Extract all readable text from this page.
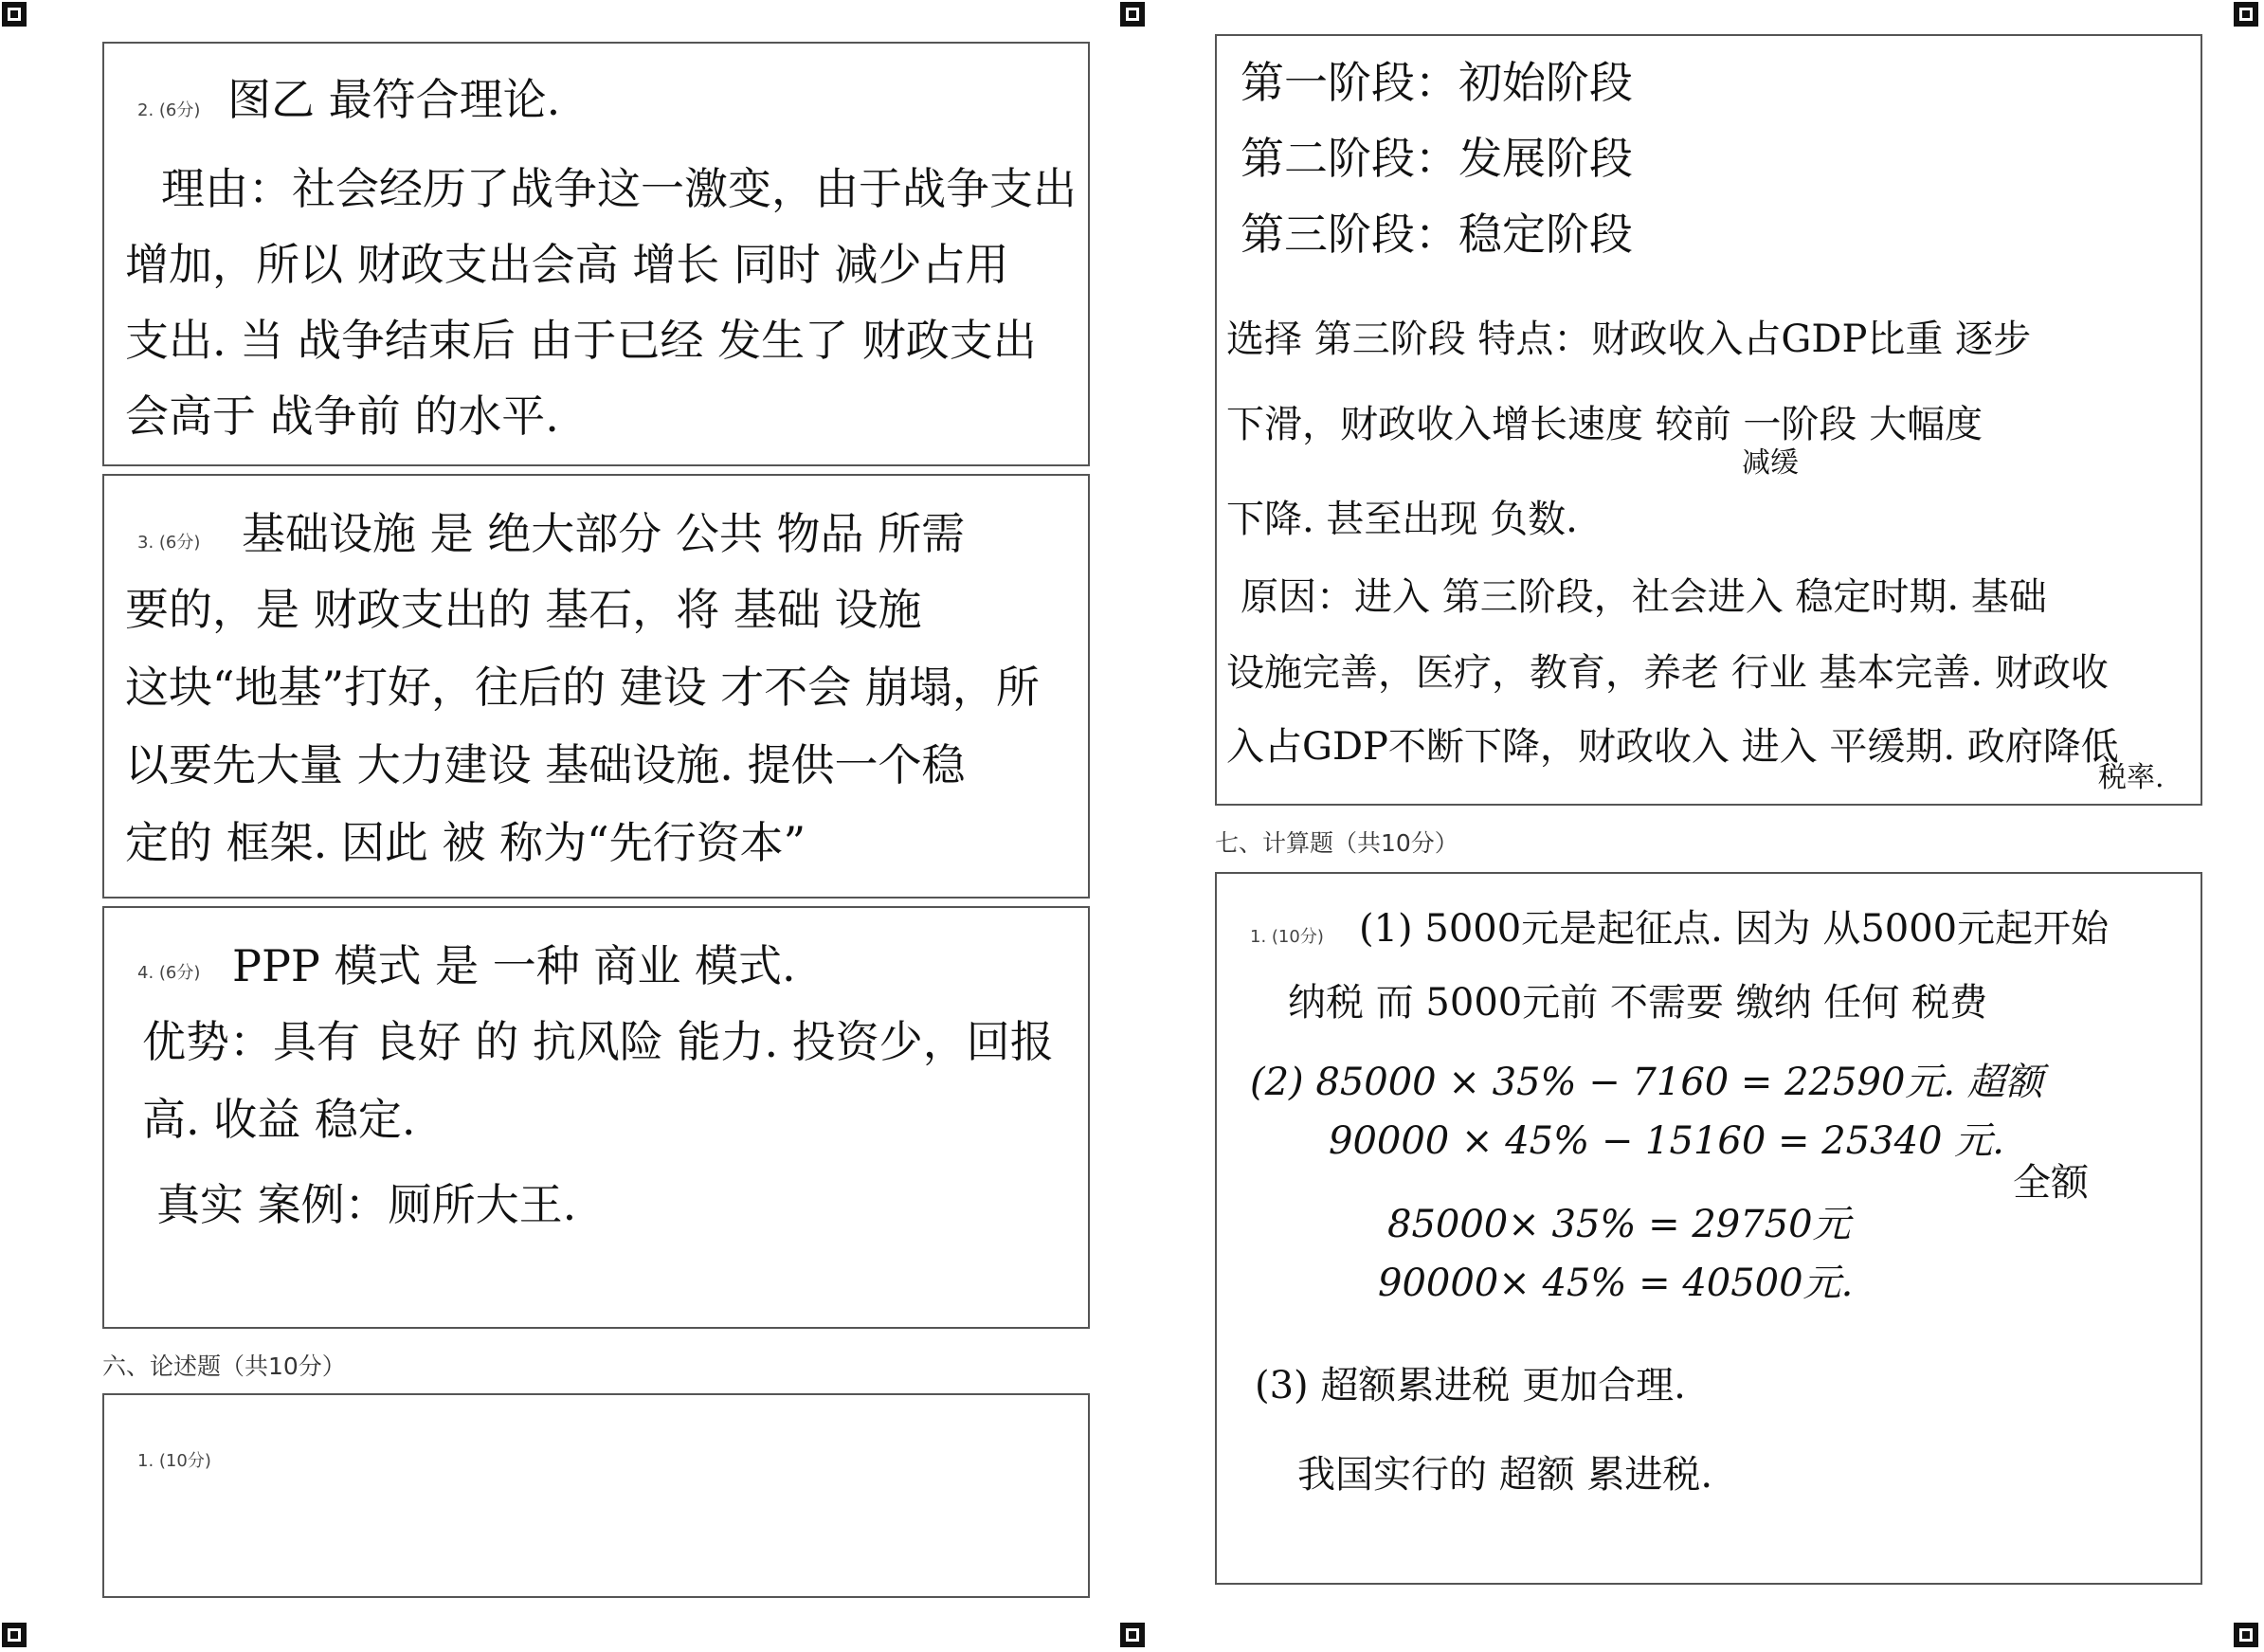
2. (6分) 图乙 最符合理论.
理由：社会经历了战争这一激变，由于战争支出
增加，所以 财政支出会高 增长 同时 减少占用
支出. 当 战争结束后 由于已经 发生了 财政支出
会高于 战争前 的水平.
3. (6分) 基础设施 是 绝大部分 公共 物品 所需
要的，是 财政支出的 基石，将 基础 设施
这块“地基”打好，往后的 建设 才不会 崩塌，所
以要先大量 大力建设 基础设施. 提供一个稳
定的 框架. 因此 被 称为“先行资本”
4. (6分) PPP 模式 是 一种 商业 模式.
优势：具有 良好 的 抗风险 能力. 投资少，回报
高. 收益 稳定.
真实 案例：厕所大王.
六、论述题（共10分）
1. (10分)
第一阶段：初始阶段
第二阶段：发展阶段
第三阶段：稳定阶段
选择 第三阶段 特点：财政收入占GDP比重 逐步
下滑，财政收入增长速度 较前 一阶段 大幅度
减缓
下降. 甚至出现 负数.
原因：进入 第三阶段，社会进入 稳定时期. 基础
设施完善，医疗，教育，养老 行业 基本完善. 财政收
入占GDP不断下降，财政收入 进入 平缓期. 政府降低
税率.
七、计算题（共10分）
1. (10分) (1) 5000元是起征点. 因为 从5000元起开始
纳税 而 5000元前 不需要 缴纳 任何 税费
(2) 85000 × 35% − 7160 = 22590元. 超额
90000 × 45% − 15160 = 25340 元.
85000× 35% = 29750元
全额
90000× 45% = 40500元.
(3) 超额累进税 更加合理.
我国实行的 超额 累进税.
